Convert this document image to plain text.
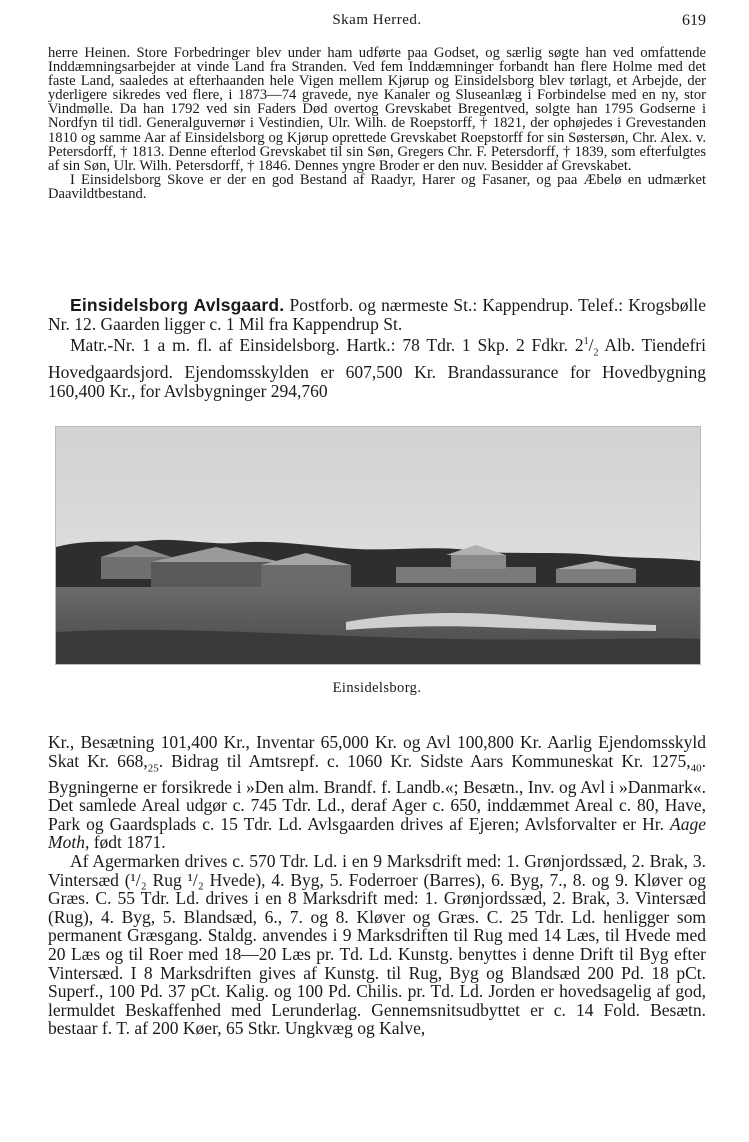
Skam Herred.	619

herre Heinen. Store Forbedringer blev under ham udførte paa Godset, og særlig søgte han ved omfattende Inddæmningsarbejder at vinde Land fra Stranden. Ved fem Inddæmninger forbandt han flere Holme med det faste Land, saaledes at efterhaanden hele Vigen mellem Kjørup og Einsidelsborg blev tørlagt, et Arbejde, der yderligere sikredes ved flere, i 1873—74 gravede, nye Kanaler og Sluseanlæg i Forbindelse med en ny, stor Vindmølle. Da han 1792 ved sin Faders Død overtog Grevskabet Bregentved, solgte han 1795 Godserne i Nordfyn til tidl. Generalguvernør i Vestindien, Ulr. Wilh. de Roepstorff, † 1821, der ophøjedes i Grevestanden 1810 og samme Aar af Einsidelsborg og Kjørup oprettede Grevskabet Roepstorff for sin Søstersøn, Chr. Alex. v. Petersdorff, † 1813. Denne efterlod Grevskabet til sin Søn, Gregers Chr. F. Petersdorff, † 1839, som efterfulgtes af sin Søn, Ulr. Wilh. Petersdorff, † 1846. Dennes yngre Broder er den nuv. Besidder af Grevskabet.

I Einsidelsborg Skove er der en god Bestand af Raadyr, Harer og Fasaner, og paa Æbelø en udmærket Daavildtbestand.

Einsidelsborg Avlsgaard. Postforb. og nærmeste St.: Kappendrup. Telef.: Krogsbølle Nr. 12. Gaarden ligger c. 1 Mil fra Kappendrup St.

Matr.-Nr. 1 a m. fl. af Einsidelsborg. Hartk.: 78 Tdr. 1 Skp. 2 Fdkr. $2^1/_2$ Alb. Tiendefri Hovedgaardsjord. Ejendomsskylden er 607,500 Kr. Brandassurance for Hovedbygning 160,400 Kr., for Avlsbygninger 294,760

Einsidelsborg.

Kr., Besætning 101,400 Kr., Inventar 65,000 Kr. og Avl 100,800 Kr. Aarlig Ejendomsskyld Skat Kr. $668,_{25}$. Bidrag til Amtsrepf. c. 1060 Kr. Sidste Aars Kommuneskat Kr. $1275,_{40}$. Bygningerne er forsikrede i »Den alm. Brandf. f. Landb.«; Besætn., Inv. og Avl i »Danmark«. Det samlede Areal udgør c. 745 Tdr. Ld., deraf Ager c. 650, inddæmmet Areal c. 80, Have, Park og Gaardsplads c. 15 Tdr. Ld. Avlsgaarden drives af Ejeren; Avlsforvalter er Hr. Aage Moth, født 1871.

Af Agermarken drives c. 570 Tdr. Ld. i en 9 Marksdrift med: 1. Grønjordssæd, 2. Brak, 3. Vintersæd (¹/₂ Rug ¹/₂ Hvede), 4. Byg, 5. Foderroer (Barres), 6. Byg, 7., 8. og 9. Kløver og Græs. C. 55 Tdr. Ld. drives i en 8 Marksdrift med: 1. Grønjordssæd, 2. Brak, 3. Vintersæd (Rug), 4. Byg, 5. Blandsæd, 6., 7. og 8. Kløver og Græs. C. 25 Tdr. Ld. henligger som permanent Græsgang. Staldg. anvendes i 9 Marksdriften til Rug med 14 Læs, til Hvede med 20 Læs og til Roer med 18—20 Læs pr. Td. Ld. Kunstg. benyttes i denne Drift til Byg efter Vintersæd. I 8 Marksdriften gives af Kunstg. til Rug, Byg og Blandsæd 200 Pd. 18 pCt. Superf., 100 Pd. 37 pCt. Kalig. og 100 Pd. Chilis. pr. Td. Ld. Jorden er hovedsagelig af god, lermuldet Beskaffenhed med Lerunderlag. Gennemsnitsudbyttet er c. 14 Fold. Besætn. bestaar f. T. af 200 Køer, 65 Stkr. Ungkvæg og Kalve,
